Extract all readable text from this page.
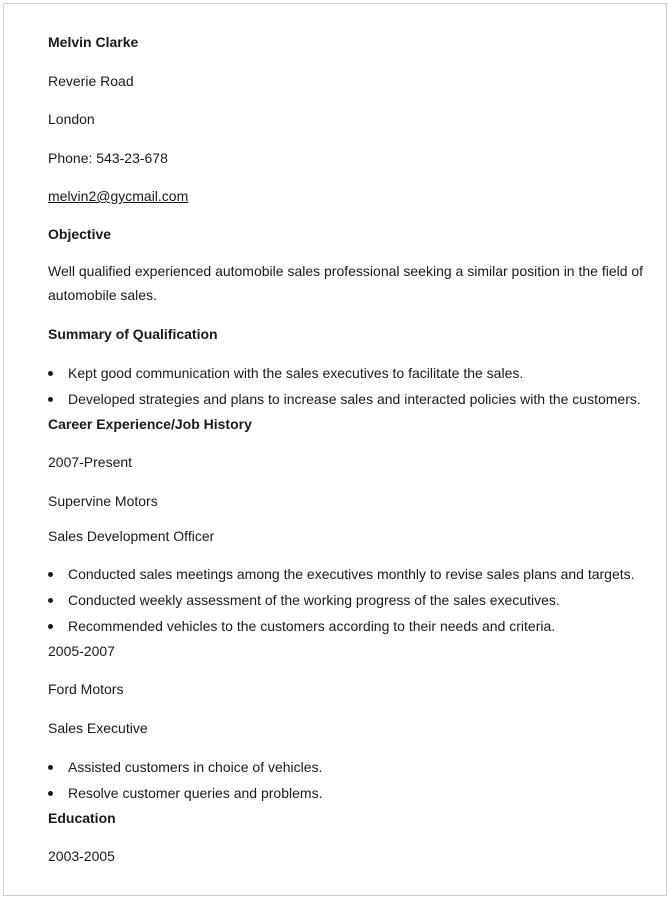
Melvin Clarke
Reverie Road
London
Phone: 543-23-678
melvin2@gycmail.com
Objective
Well qualified experienced automobile sales professional seeking a similar position in the field of automobile sales.
Summary of Qualification
Kept good communication with the sales executives to facilitate the sales.
Developed strategies and plans to increase sales and interacted policies with the customers.
Career Experience/Job History
2007-Present
Supervine Motors
Sales Development Officer
Conducted sales meetings among the executives monthly to revise sales plans and targets.
Conducted weekly assessment of the working progress of the sales executives.
Recommended vehicles to the customers according to their needs and criteria.
2005-2007
Ford Motors
Sales Executive
Assisted customers in choice of vehicles.
Resolve customer queries and problems.
Education
2003-2005
